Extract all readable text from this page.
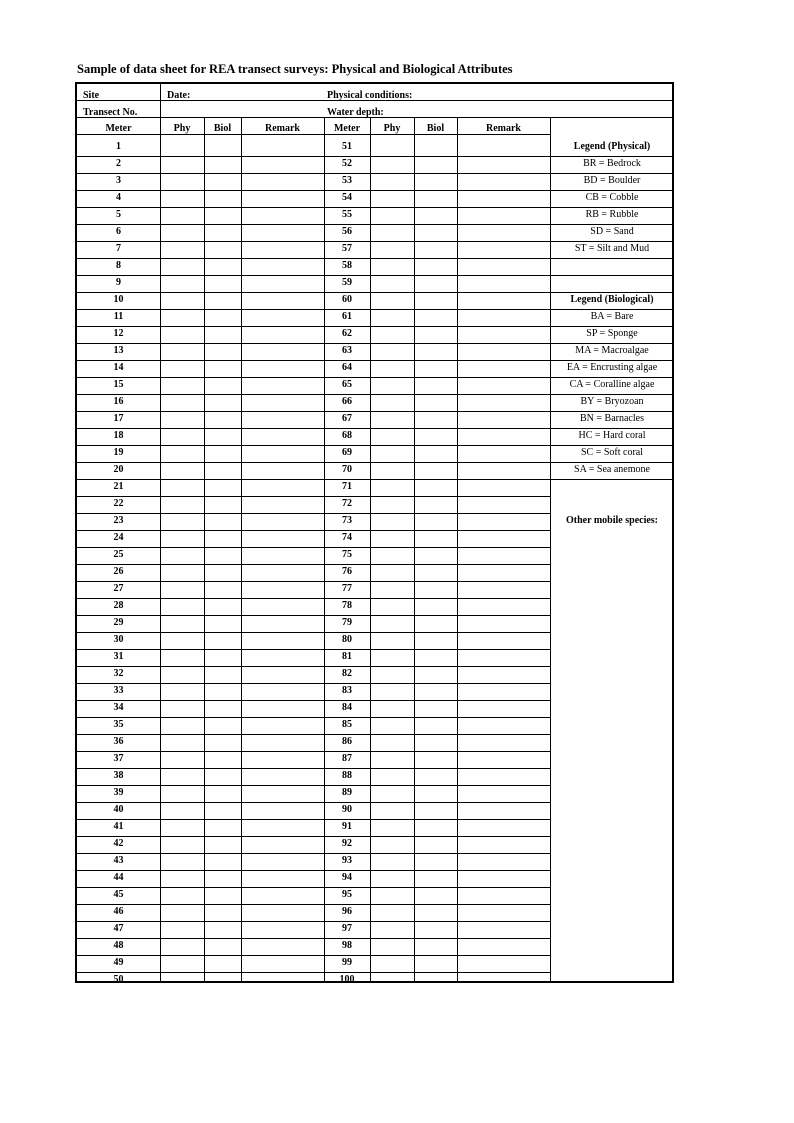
Sample of data sheet for REA transect surveys: Physical and Biological Attributes
Site	Date:	Physical conditions:
Transect No.	Water depth:
Meter	Phy	Biol	Remark	Meter	Phy	Biol	Remark
1	51
2	52
3	53
4	54
5	55
6	56
7	57
8	58
9	59
10	60
11	61
12	62
13	63
14	64
15	65
16	66
17	67
18	68
19	69
20	70
21	71
22	72
23	73
24	74
25	75
26	76
27	77
28	78
29	79
30	80
31	81
32	82
33	83
34	84
35	85
36	86
37	87
38	88
39	89
40	90
41	91
42	92
43	93
44	94
45	95
46	96
47	97
48	98
49	99
50	100
Legend (Physical)
BR = Bedrock
BD = Boulder
CB = Cobble
RB = Rubble
SD = Sand
ST = Silt and Mud
Legend (Biological)
BA = Bare
SP = Sponge
MA = Macroalgae
EA = Encrusting algae
CA = Coralline algae
BY = Bryozoan
BN = Barnacles
HC = Hard coral
SC = Soft coral
SA = Sea anemone
Other mobile species:
